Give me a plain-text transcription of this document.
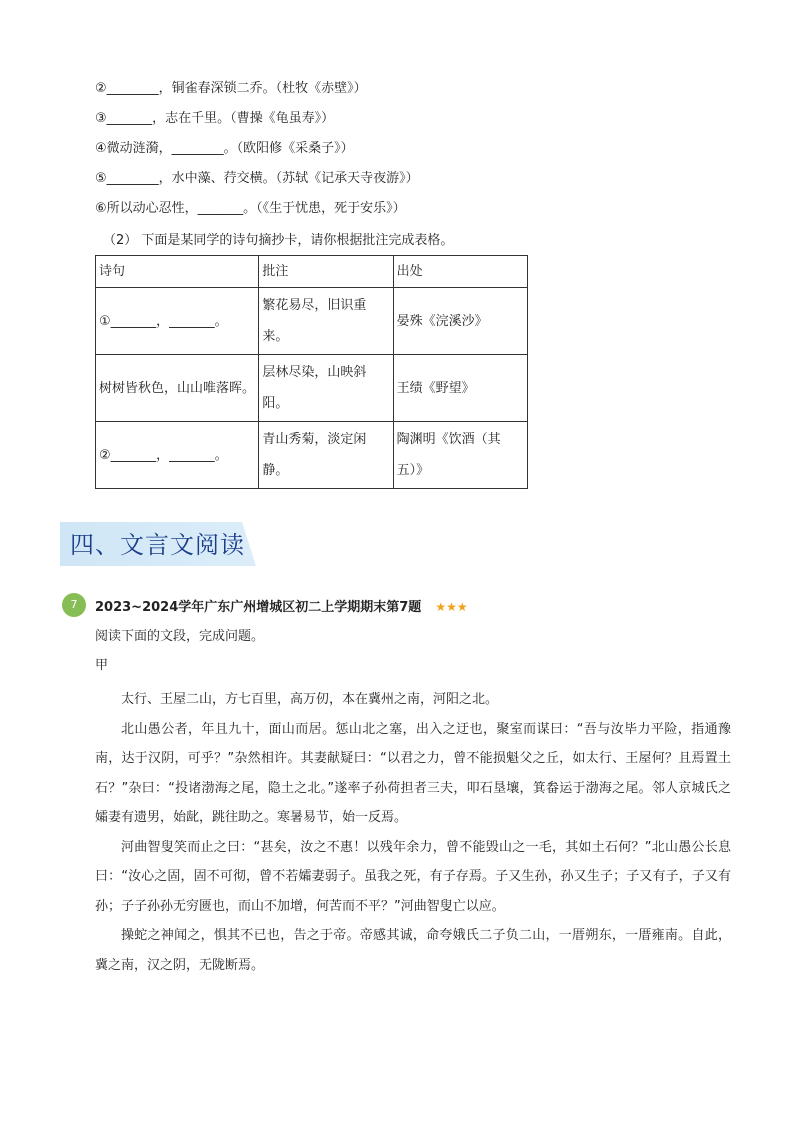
②________，铜雀春深锁二乔。（杜牧《赤壁》）
③_______，志在千里。（曹操《龟虽寿》）
④微动涟漪，________。（欧阳修《采桑子》）
⑤________，水中藻、荇交横。（苏轼《记承天寺夜游》）
⑥所以动心忍性，_______。（《生于忧患，死于安乐》）
（2） 下面是某同学的诗句摘抄卡，请你根据批注完成表格。
诗句	批注	出处
①_______，_______。	繁花易尽，旧识重来。	晏殊《浣溪沙》
树树皆秋色，山山唯落晖。	层林尽染，山映斜阳。	王绩《野望》
②_______，_______。	青山秀菊，淡定闲静。	陶渊明《饮酒（其五）》
四、文言文阅读
7	2023~2024学年广东广州增城区初二上学期期末第7题 ★★★
阅读下面的文段，完成问题。
甲

太行、王屋二山，方七百里，高万仞，本在冀州之南，河阳之北。

北山愚公者，年且九十，面山而居。惩山北之塞，出入之迂也，聚室而谋曰：“吾与汝毕力平险，指通豫南，达于汉阴，可乎？”杂然相许。其妻献疑曰：“以君之力，曾不能损魁父之丘，如太行、王屋何？且焉置土石？”杂曰：“投诸渤海之尾，隐土之北。”遂率子孙荷担者三夫，叩石垦壤，箕畚运于渤海之尾。邻人京城氏之孀妻有遗男，始龀，跳往助之。寒暑易节，始一反焉。

河曲智叟笑而止之曰：“甚矣，汝之不惠！以残年余力，曾不能毁山之一毛，其如土石何？”北山愚公长息曰：“汝心之固，固不可彻，曾不若孀妻弱子。虽我之死，有子存焉。子又生孙，孙又生子；子又有子，子又有孙；子子孙孙无穷匮也，而山不加增，何苦而不平？”河曲智叟亡以应。

操蛇之神闻之，惧其不已也，告之于帝。帝感其诚，命夸娥氏二子负二山，一厝朔东，一厝雍南。自此，冀之南，汉之阴，无陇断焉。
